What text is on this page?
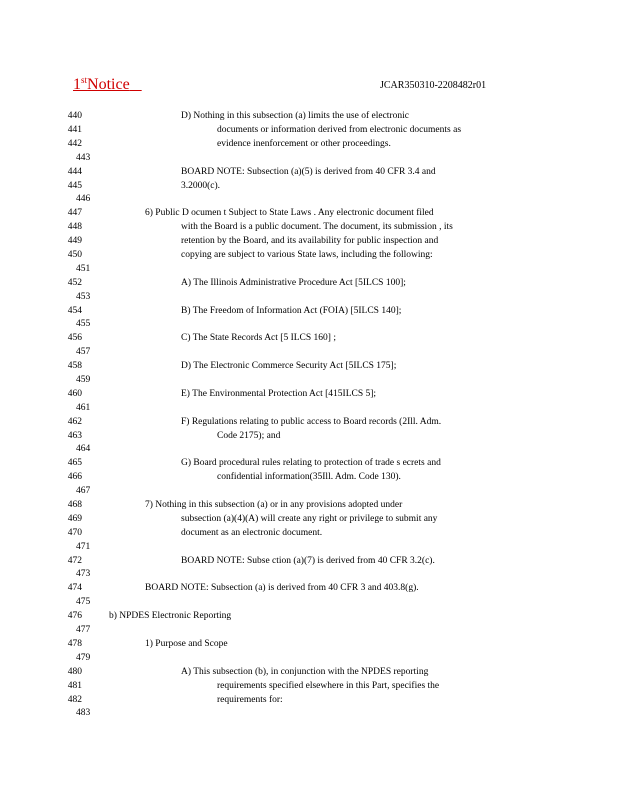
1stNotice	JCAR350310-2208482r01
440
441
442
443
444
445
446
447
448
449
450
451
452
453
454
455
456
457
458
459
460
461
462
463
464
465
466
467
468
469
470
471
472
473
474
475
476
477
478
479
480
481
482
483
D) Nothing in this subsection (a) limits the use of electronic
documents or information derived from electronic documents as
evidence inenforcement or other proceedings.
BOARD NOTE: Subsection (a)(5) is derived from 40 CFR 3.4 and
3.2000(c).
6) Public D ocumen t Subject to State Laws . Any electronic document filed
with the Board is a public document. The document, its submission , its
retention by the Board, and its availability for public inspection and
copying are subject to various State laws, including the following:
A) The Illinois Administrative Procedure Act [5ILCS 100];
B) The Freedom of Information Act (FOIA) [5ILCS 140];
C) The State Records Act [5 ILCS 160] ;
D) The Electronic Commerce Security Act [5ILCS 175];
E) The Environmental Protection Act [415ILCS 5];
F) Regulations relating to public access to Board records (2Ill. Adm.
Code 2175); and
G) Board procedural rules relating to protection of trade s ecrets and
confidential information(35Ill. Adm. Code 130).
7) Nothing in this subsection (a) or in any provisions adopted under
subsection (a)(4)(A) will create any right or privilege to submit any
document as an electronic document.
BOARD NOTE: Subse ction (a)(7) is derived from 40 CFR 3.2(c).
BOARD NOTE: Subsection (a) is derived from 40 CFR 3 and 403.8(g).
b) NPDES Electronic Reporting
1) Purpose and Scope
A) This subsection (b), in conjunction with the NPDES reporting
requirements specified elsewhere in this Part, specifies the
requirements for:
